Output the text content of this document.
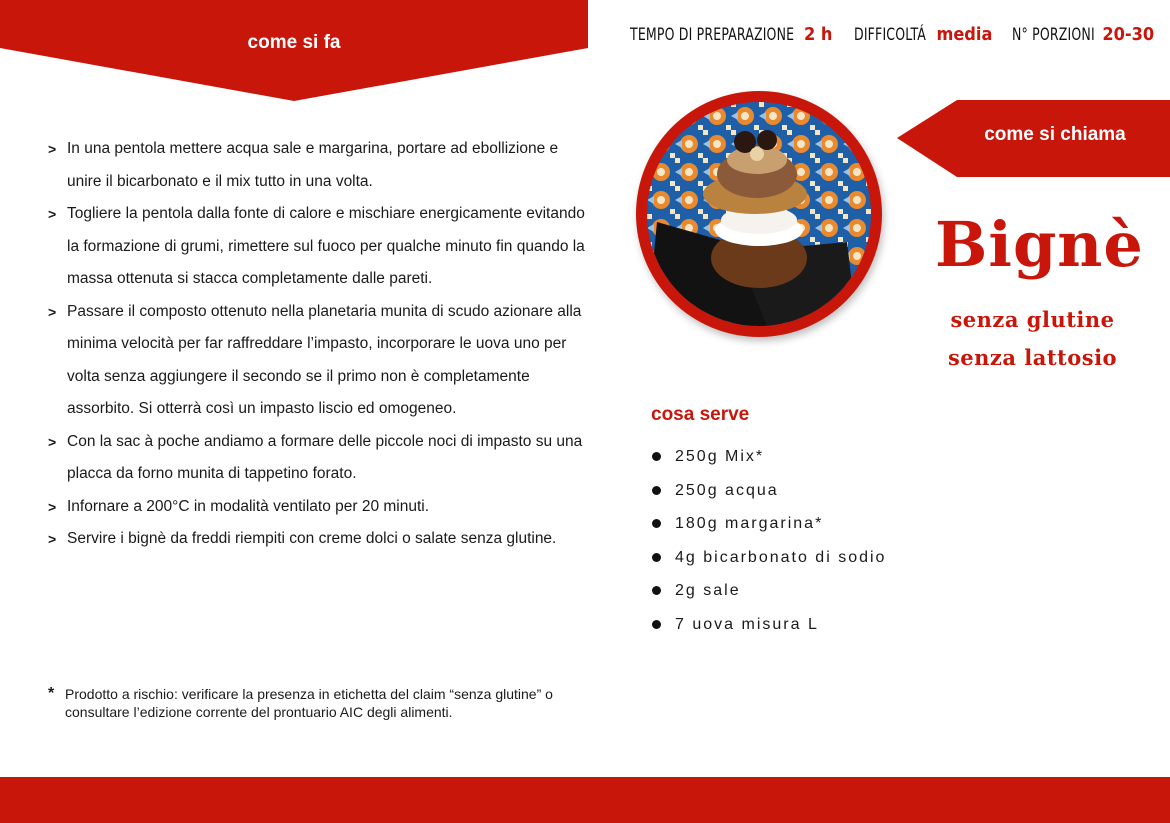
come si fa	TEMPO DI PREPARAZIONE 2 h DIFFICOLTÁ media N° PORZIONI 20-30
> In una pentola mettere acqua sale e margarina, portare ad ebollizione e unire il bicarbonato e il mix tutto in una volta.
> Togliere la pentola dalla fonte di calore e mischiare energicamente evitando la formazione di grumi, rimettere sul fuoco per qualche minuto fin quando la massa ottenuta si stacca completamente dalle pareti.
> Passare il composto ottenuto nella planetaria munita di scudo azionare alla minima velocità per far raffreddare l’impasto, incorporare le uova uno per volta senza aggiungere il secondo se il primo non è completamente assorbito. Si otterrà così un impasto liscio ed omogeneo.
> Con la sac à poche andiamo a formare delle piccole noci di impasto su una placca da forno munita di tappetino forato.
> Infornare a 200°C in modalità ventilato per 20 minuti.
> Servire i bignè da freddi riempiti con creme dolci o salate senza glutine.
* Prodotto a rischio: verificare la presenza in etichetta del claim “senza glutine” o consultare l’edizione corrente del prontuario AIC degli alimenti.
come si chiama
Bignè
senza glutine
senza lattosio
cosa serve
250g Mix*
250g acqua
180g margarina*
4g bicarbonato di sodio
2g sale
7 uova misura L
